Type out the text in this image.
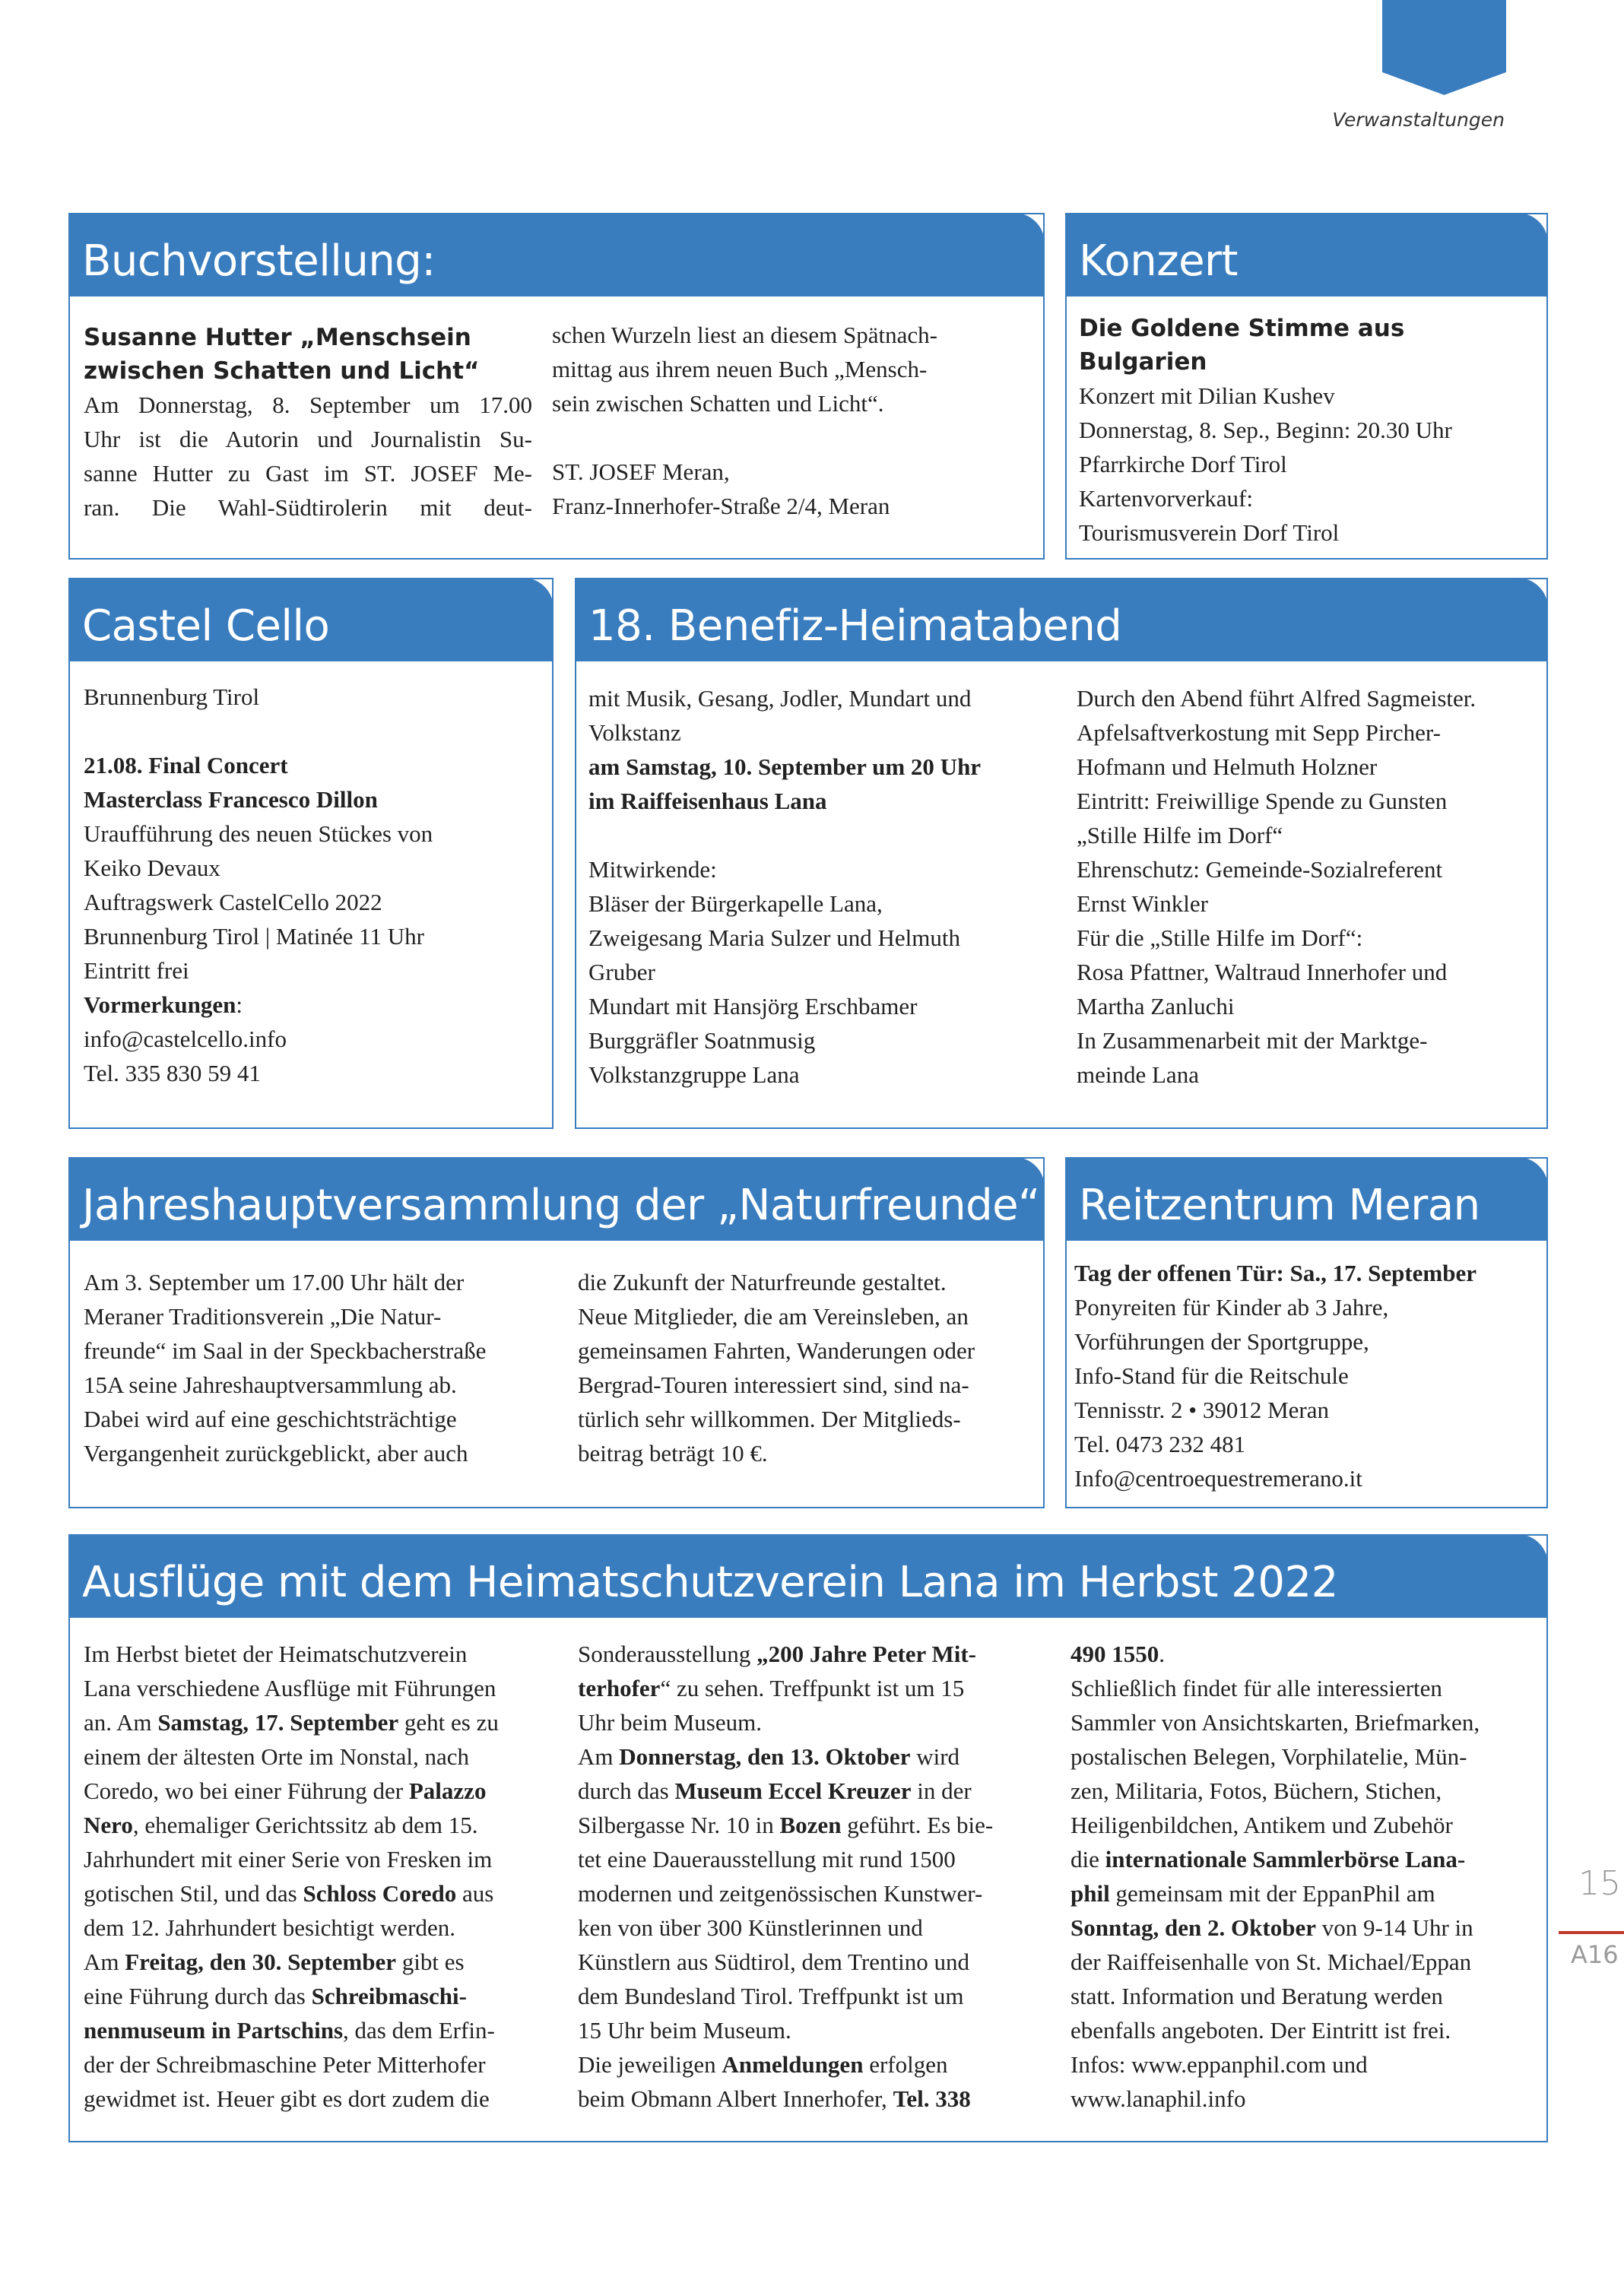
Verwanstaltungen
Buchvorstellung:

Susanne Hutter „Menschsein

zwischen Schatten und Licht“

Am Donnerstag, 8. September um 17.00

Uhr ist die Autorin und Journalistin Su-

sanne Hutter zu Gast im ST. JOSEF Me-

ran. Die Wahl-Südtirolerin mit deut-

schen Wurzeln liest an diesem Spätnach-

mittag aus ihrem neuen Buch „Mensch-

sein zwischen Schatten und Licht“.

ST. JOSEF Meran,

Franz-Innerhofer-Straße 2/4, Meran

Konzert

Die Goldene Stimme aus Bulgarien

Konzert mit Dilian Kushev

Donnerstag, 8. Sep., Beginn: 20.30 Uhr

Pfarrkirche Dorf Tirol

Kartenvorverkauf:

Tourismusverein Dorf Tirol

Castel Cello

Brunnenburg Tirol

21.08. Final Concert

Masterclass Francesco Dillon

Uraufführung des neuen Stückes von

Keiko Devaux

Auftragswerk CastelCello 2022

Brunnenburg Tirol | Matinée 11 Uhr

Eintritt frei

Vormerkungen:

info@castelcello.info

Tel. 335 830 59 41

18. Benefiz-Heimatabend

mit Musik, Gesang, Jodler, Mundart und

Volkstanz

am Samstag, 10. September um 20 Uhr

im Raiffeisenhaus Lana

Mitwirkende:

Bläser der Bürgerkapelle Lana,

Zweigesang Maria Sulzer und Helmuth

Gruber

Mundart mit Hansjörg Erschbamer

Burggräfler Soatnmusig

Volkstanzgruppe Lana

Durch den Abend führt Alfred Sagmeister.

Apfelsaftverkostung mit Sepp Pircher-

Hofmann und Helmuth Holzner

Eintritt: Freiwillige Spende zu Gunsten

„Stille Hilfe im Dorf“

Ehrenschutz: Gemeinde-Sozialreferent

Ernst Winkler

Für die „Stille Hilfe im Dorf“:

Rosa Pfattner, Waltraud Innerhofer und

Martha Zanluchi

In Zusammenarbeit mit der Marktge-

meinde Lana

Jahreshauptversammlung der „Naturfreunde“

Am 3. September um 17.00 Uhr hält der

Meraner Traditionsverein „Die Natur-

freunde“ im Saal in der Speckbacherstraße

15A seine Jahreshauptversammlung ab.

Dabei wird auf eine geschichtsträchtige

Vergangenheit zurückgeblickt, aber auch

die Zukunft der Naturfreunde gestaltet.

Neue Mitglieder, die am Vereinsleben, an

gemeinsamen Fahrten, Wanderungen oder

Bergrad-Touren interessiert sind, sind na-

türlich sehr willkommen. Der Mitglieds-

beitrag beträgt 10 €.

Reitzentrum Meran

Tag der offenen Tür: Sa., 17. September

Ponyreiten für Kinder ab 3 Jahre,

Vorführungen der Sportgruppe,

Info-Stand für die Reitschule

Tennisstr. 2 • 39012 Meran

Tel. 0473 232 481

Info@centroequestremerano.it

Ausflüge mit dem Heimatschutzverein Lana im Herbst 2022

Im Herbst bietet der Heimatschutzverein

Lana verschiedene Ausflüge mit Führungen

an. Am Samstag, 17. September geht es zu

einem der ältesten Orte im Nonstal, nach

Coredo, wo bei einer Führung der Palazzo

Nero, ehemaliger Gerichtssitz ab dem 15.

Jahrhundert mit einer Serie von Fresken im

gotischen Stil, und das Schloss Coredo aus

dem 12. Jahrhundert besichtigt werden.

Am Freitag, den 30. September gibt es

eine Führung durch das Schreibmaschi-

nenmuseum in Partschins, das dem Erfin-

der der Schreibmaschine Peter Mitterhofer

gewidmet ist. Heuer gibt es dort zudem die

Sonderausstellung „200 Jahre Peter Mit-

terhofer“ zu sehen. Treffpunkt ist um 15

Uhr beim Museum.

Am Donnerstag, den 13. Oktober wird

durch das Museum Eccel Kreuzer in der

Silbergasse Nr. 10 in Bozen geführt. Es bie-

tet eine Dauerausstellung mit rund 1500

modernen und zeitgenössischen Kunstwer-

ken von über 300 Künstlerinnen und

Künstlern aus Südtirol, dem Trentino und

dem Bundesland Tirol. Treffpunkt ist um

15 Uhr beim Museum.

Die jeweiligen Anmeldungen erfolgen

beim Obmann Albert Innerhofer, Tel. 338

490 1550.

Schließlich findet für alle interessierten

Sammler von Ansichtskarten, Briefmarken,

postalischen Belegen, Vorphilatelie, Mün-

zen, Militaria, Fotos, Büchern, Stichen,

Heiligenbildchen, Antikem und Zubehör

die internationale Sammlerbörse Lana-

phil gemeinsam mit der EppanPhil am

Sonntag, den 2. Oktober von 9-14 Uhr in

der Raiffeisenhalle von St. Michael/Eppan

statt. Information und Beratung werden

ebenfalls angeboten. Der Eintritt ist frei.

Infos: www.eppanphil.com und

www.lanaphil.info

15
A16
